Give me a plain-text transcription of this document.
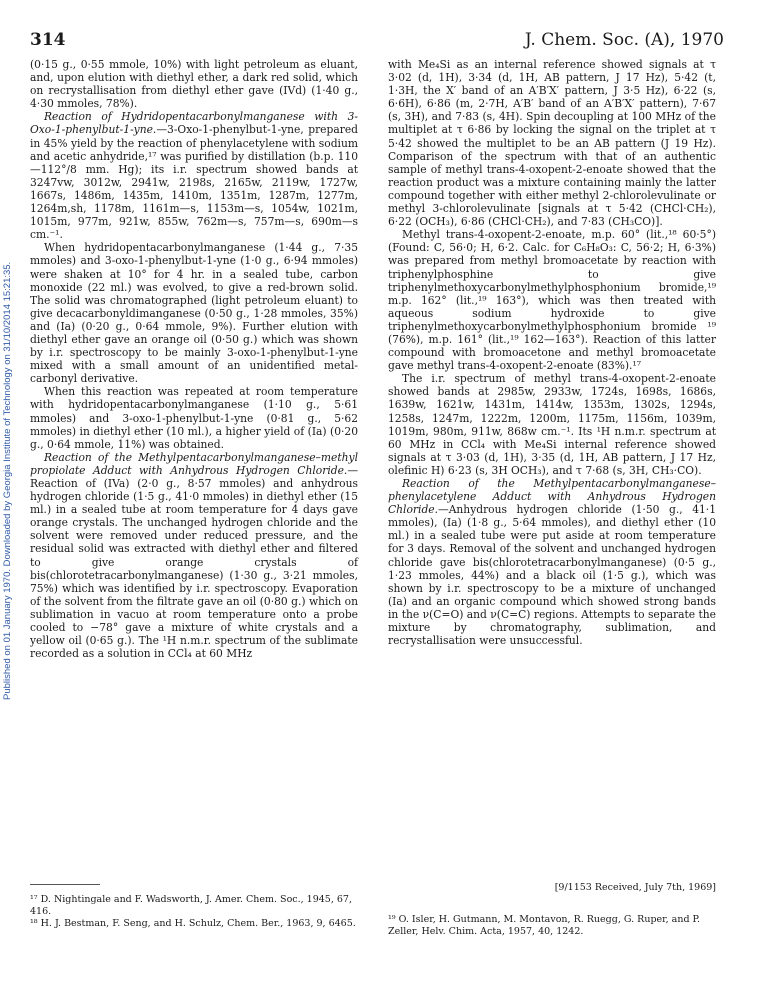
314	J. Chem. Soc. (A), 1970
Published on 01 January 1970. Downloaded by Georgia Institute of Technology on 31/10/2014 15:21:35.

(0·15 g., 0·55 mmole, 10%) with light petroleum as eluant, and, upon elution with diethyl ether, a dark red solid, which on recrystallisation from diethyl ether gave (IVd) (1·40 g., 4·30 mmoles, 78%).

Reaction of Hydridopentacarbonylmanganese with 3-Oxo-1-phenylbut-1-yne.—3-Oxo-1-phenylbut-1-yne, prepared in 45% yield by the reaction of phenylacetylene with sodium and acetic anhydride,¹⁷ was purified by distillation (b.p. 110—112°/8 mm. Hg); its i.r. spectrum showed bands at 3247vw, 3012w, 2941w, 2198s, 2165w, 2119w, 1727w, 1667s, 1486m, 1435m, 1410m, 1351m, 1287m, 1277m, 1264m,sh, 1178m, 1161m—s, 1153m—s, 1054w, 1021m, 1015m, 977m, 921w, 855w, 762m—s, 757m—s, 690m—s cm.⁻¹.

When hydridopentacarbonylmanganese (1·44 g., 7·35 mmoles) and 3-oxo-1-phenylbut-1-yne (1·0 g., 6·94 mmoles) were shaken at 10° for 4 hr. in a sealed tube, carbon monoxide (22 ml.) was evolved, to give a red-brown solid. The solid was chromatographed (light petroleum eluant) to give decacarbonyldimanganese (0·50 g., 1·28 mmoles, 35%) and (Ia) (0·20 g., 0·64 mmole, 9%). Further elution with diethyl ether gave an orange oil (0·50 g.) which was shown by i.r. spectroscopy to be mainly 3-oxo-1-phenylbut-1-yne mixed with a small amount of an unidentified metal-carbonyl derivative.

When this reaction was repeated at room temperature with hydridopentacarbonylmanganese (1·10 g., 5·61 mmoles) and 3-oxo-1-phenylbut-1-yne (0·81 g., 5·62 mmoles) in diethyl ether (10 ml.), a higher yield of (Ia) (0·20 g., 0·64 mmole, 11%) was obtained.

Reaction of the Methylpentacarbonylmanganese–methyl propiolate Adduct with Anhydrous Hydrogen Chloride.—Reaction of (IVa) (2·0 g., 8·57 mmoles) and anhydrous hydrogen chloride (1·5 g., 41·0 mmoles) in diethyl ether (15 ml.) in a sealed tube at room temperature for 4 days gave orange crystals. The unchanged hydrogen chloride and the solvent were removed under reduced pressure, and the residual solid was extracted with diethyl ether and filtered to give orange crystals of bis(chlorotetracarbonylmanganese) (1·30 g., 3·21 mmoles, 75%) which was identified by i.r. spectroscopy. Evaporation of the solvent from the filtrate gave an oil (0·80 g.) which on sublimation in vacuo at room temperature onto a probe cooled to −78° gave a mixture of white crystals and a yellow oil (0·65 g.). The ¹H n.m.r. spectrum of the sublimate recorded as a solution in CCl₄ at 60 MHz

with Me₄Si as an internal reference showed signals at τ 3·02 (d, 1H), 3·34 (d, 1H, AB pattern, J 17 Hz), 5·42 (t, 1·3H, the X′ band of an A′B′X′ pattern, J 3·5 Hz), 6·22 (s, 6·6H), 6·86 (m, 2·7H, A′B′ band of an A′B′X′ pattern), 7·67 (s, 3H), and 7·83 (s, 4H). Spin decoupling at 100 MHz of the multiplet at τ 6·86 by locking the signal on the triplet at τ 5·42 showed the multiplet to be an AB pattern (J 19 Hz). Comparison of the spectrum with that of an authentic sample of methyl trans-4-oxopent-2-enoate showed that the reaction product was a mixture containing mainly the latter compound together with either methyl 2-chlorolevulinate or methyl 3-chlorolevulinate [signals at τ 5·42 (CHCl·CH₂), 6·22 (OCH₃), 6·86 (CHCl·CH₂), and 7·83 (CH₃CO)].

Methyl trans-4-oxopent-2-enoate, m.p. 60° (lit.,¹⁸ 60·5°) (Found: C, 56·0; H, 6·2. Calc. for C₆H₈O₃: C, 56·2; H, 6·3%) was prepared from methyl bromoacetate by reaction with triphenylphosphine to give triphenylmethoxycarbonylmethylphosphonium bromide,¹⁹ m.p. 162° (lit.,¹⁹ 163°), which was then treated with aqueous sodium hydroxide to give triphenylmethoxycarbonylmethylphosphonium bromide ¹⁹ (76%), m.p. 161° (lit.,¹⁹ 162—163°). Reaction of this latter compound with bromoacetone and methyl bromoacetate gave methyl trans-4-oxopent-2-enoate (83%).¹⁷

The i.r. spectrum of methyl trans-4-oxopent-2-enoate showed bands at 2985w, 2933w, 1724s, 1698s, 1686s, 1639w, 1621w, 1431m, 1414w, 1353m, 1302s, 1294s, 1258s, 1247m, 1222m, 1200m, 1175m, 1156m, 1039m, 1019m, 980m, 911w, 868w cm.⁻¹. Its ¹H n.m.r. spectrum at 60 MHz in CCl₄ with Me₄Si internal reference showed signals at τ 3·03 (d, 1H), 3·35 (d, 1H, AB pattern, J 17 Hz, olefinic H) 6·23 (s, 3H OCH₃), and τ 7·68 (s, 3H, CH₃·CO).

Reaction of the Methylpentacarbonylmanganese–phenylacetylene Adduct with Anhydrous Hydrogen Chloride.—Anhydrous hydrogen chloride (1·50 g., 41·1 mmoles), (Ia) (1·8 g., 5·64 mmoles), and diethyl ether (10 ml.) in a sealed tube were put aside at room temperature for 3 days. Removal of the solvent and unchanged hydrogen chloride gave bis(chlorotetracarbonylmanganese) (0·5 g., 1·23 mmoles, 44%) and a black oil (1·5 g.), which was shown by i.r. spectroscopy to be a mixture of unchanged (Ia) and an organic compound which showed strong bands in the ν(C=O) and ν(C=C) regions. Attempts to separate the mixture by chromatography, sublimation, and recrystallisation were unsuccessful.

[9/1153 Received, July 7th, 1969]

¹⁷ D. Nightingale and F. Wadsworth, J. Amer. Chem. Soc., 1945, 67, 416.

¹⁸ H. J. Bestman, F. Seng, and H. Schulz, Chem. Ber., 1963, 9, 6465.	¹⁹ O. Isler, H. Gutmann, M. Montavon, R. Ruegg, G. Ruper, and P. Zeller, Helv. Chim. Acta, 1957, 40, 1242.
